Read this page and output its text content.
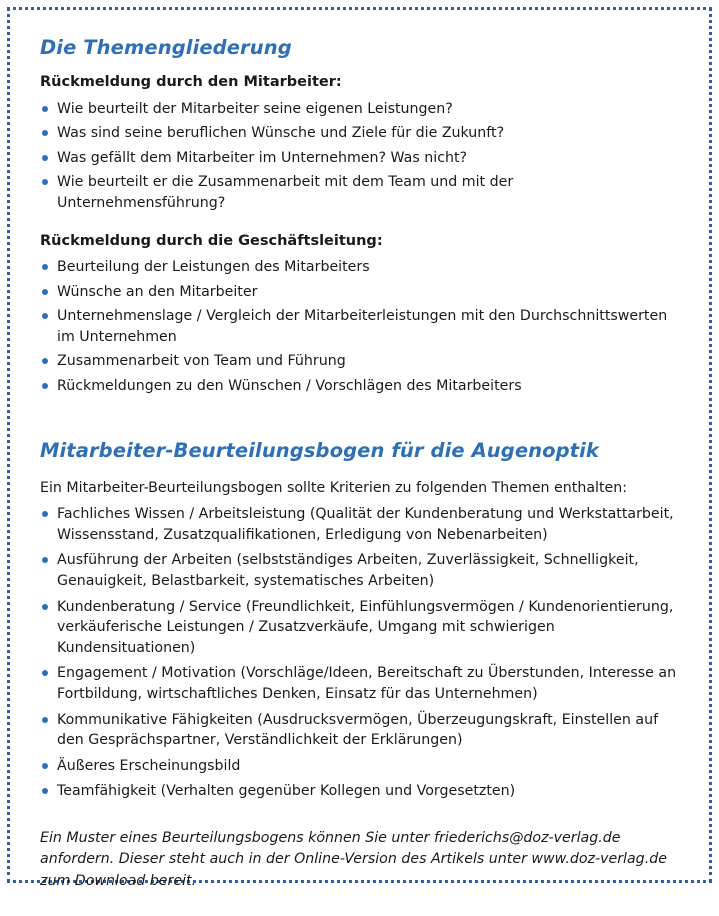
Die Themengliederung

Rückmeldung durch den Mitarbeiter:

Wie beurteilt der Mitarbeiter seine eigenen Leistungen?
Was sind seine beruflichen Wünsche und Ziele für die Zukunft?
Was gefällt dem Mitarbeiter im Unternehmen? Was nicht?
Wie beurteilt er die Zusammenarbeit mit dem Team und mit der Unternehmensführung?

Rückmeldung durch die Geschäftsleitung:

Beurteilung der Leistungen des Mitarbeiters
Wünsche an den Mitarbeiter
Unternehmenslage / Vergleich der Mitarbeiterleistungen mit den Durchschnittswerten im Unternehmen
Zusammenarbeit von Team und Führung
Rückmeldungen zu den Wünschen / Vorschlägen des Mitarbeiters
Mitarbeiter-Beurteilungsbogen für die Augenoptik

Ein Mitarbeiter-Beurteilungsbogen sollte Kriterien zu folgenden Themen enthalten:

Fachliches Wissen / Arbeitsleistung (Qualität der Kundenberatung und Werkstattarbeit, Wissensstand, Zusatzqualifikationen, Erledigung von Nebenarbeiten)
Ausführung der Arbeiten (selbstständiges Arbeiten, Zuverlässigkeit, Schnelligkeit, Genauigkeit, Belastbarkeit, systematisches Arbeiten)
Kundenberatung / Service (Freundlichkeit, Einfühlungsvermögen / Kundenorientierung, verkäuferische Leistungen / Zusatzverkäufe, Umgang mit schwierigen Kundensituationen)
Engagement / Motivation (Vorschläge/Ideen, Bereitschaft zu Überstunden, Interesse an Fortbildung, wirtschaftliches Denken, Einsatz für das Unternehmen)
Kommunikative Fähigkeiten (Ausdrucksvermögen, Überzeugungskraft, Einstellen auf den Gesprächspartner, Verständlichkeit der Erklärungen)
Äußeres Erscheinungsbild
Teamfähigkeit (Verhalten gegenüber Kollegen und Vorgesetzten)

Ein Muster eines Beurteilungsbogens können Sie unter friederichs@doz-verlag.de anfordern. Dieser steht auch in der Online-Version des Artikels unter www.doz-verlag.de zum Download bereit.
